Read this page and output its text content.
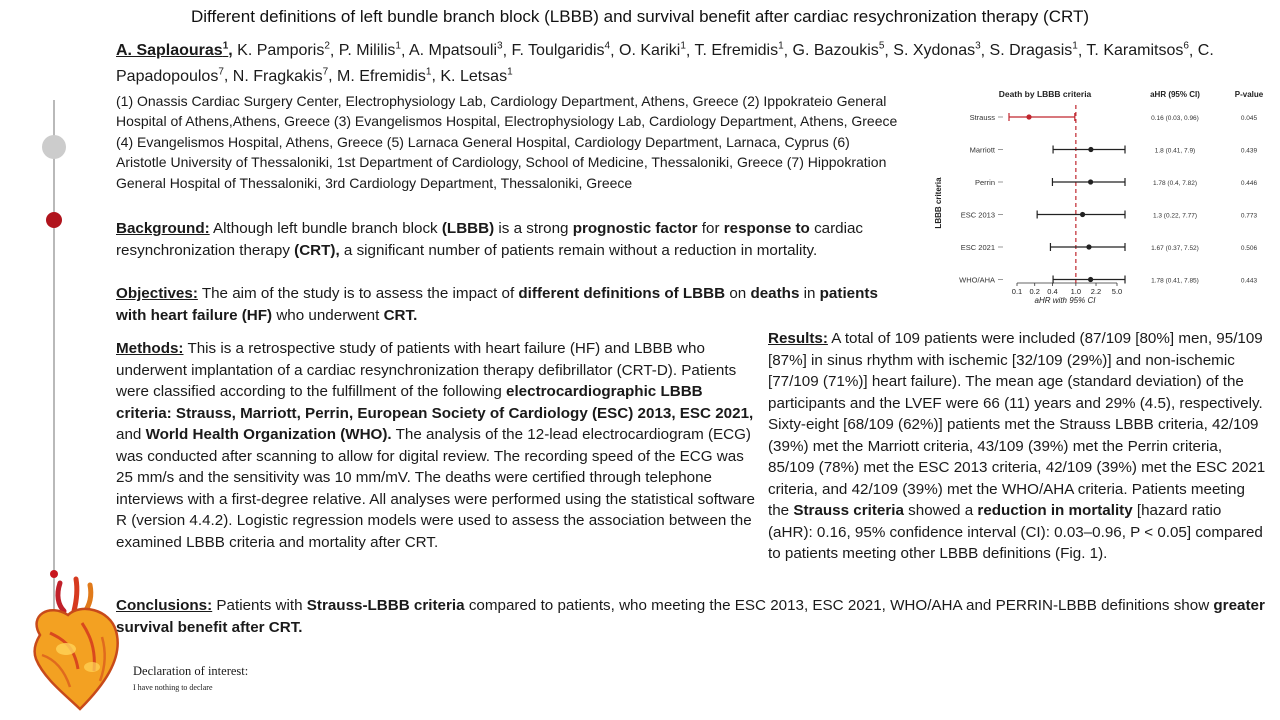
Different definitions of left bundle branch block (LBBB) and survival benefit after cardiac resychronization therapy (CRT)
A. Saplaouras$^1$, K. Pamporis$^2$, P. Mililis$^1$, A. Mpatsouli$^3$, F. Toulgaridis$^4$, O. Kariki$^1$, T. Efremidis$^1$, G. Bazoukis$^5$, S. Xydonas$^3$, S. Dragasis$^1$, T. Karamitsos$^6$, C. Papadopoulos$^7$, N. Fragkakis$^7$, M. Efremidis$^1$, K. Letsas$^1$
(1) Onassis Cardiac Surgery Center, Electrophysiology Lab, Cardiology Department, Athens, Greece (2) Ippokrateio General Hospital of Athens,Athens, Greece (3) Evangelismos Hospital, Electrophysiology Lab, Cardiology Department, Athens, Greece (4) Evangelismos Hospital, Athens, Greece (5) Larnaca General Hospital, Cardiology Department, Larnaca, Cyprus (6) Aristotle University of Thessaloniki, 1st Department of Cardiology, School of Medicine, Thessaloniki, Greece (7) Hippokration General Hospital of Thessaloniki, 3rd Cardiology Department, Thessaloniki, Greece
Background: Although left bundle branch block (LBBB) is a strong prognostic factor for response to cardiac resynchronization therapy (CRT), a significant number of patients remain without a reduction in mortality.
Objectives: The aim of the study is to assess the impact of different definitions of LBBB on deaths in patients with heart failure (HF) who underwent CRT.
Methods: This is a retrospective study of patients with heart failure (HF) and LBBB who underwent implantation of a cardiac resynchronization therapy defibrillator (CRT-D). Patients were classified according to the fulfillment of the following electrocardiographic LBBB criteria: Strauss, Marriott, Perrin, European Society of Cardiology (ESC) 2013, ESC 2021, and World Health Organization (WHO). The analysis of the 12-lead electrocardiogram (ECG) was conducted after scanning to allow for digital review. The recording speed of the ECG was 25 mm/s and the sensitivity was 10 mm/mV. The deaths were certified through telephone interviews with a first-degree relative. All analyses were performed using the statistical software R (version 4.4.2). Logistic regression models were used to assess the association between the examined LBBB criteria and mortality after CRT.
Results: A total of 109 patients were included (87/109 [80%] men, 95/109 [87%] in sinus rhythm with ischemic [32/109 (29%)] and non-ischemic [77/109 (71%)] heart failure). The mean age (standard deviation) of the participants and the LVEF were 66 (11) years and 29% (4.5), respectively. Sixty-eight [68/109 (62%)] patients met the Strauss LBBB criteria, 42/109 (39%) met the Marriott criteria, 43/109 (39%) met the Perrin criteria, 85/109 (78%) met the ESC 2013 criteria, 42/109 (39%) met the ESC 2021 criteria, and 42/109 (39%) met the WHO/AHA criteria. Patients meeting the Strauss criteria showed a reduction in mortality [hazard ratio (aHR): 0.16, 95% confidence interval (CI): 0.03–0.96, P < 0.05] compared to patients meeting other LBBB definitions (Fig. 1).
Conclusions: Patients with Strauss-LBBB criteria compared to patients, who meeting the ESC 2013, ESC 2021, WHO/AHA and PERRIN-LBBB definitions show greater survival benefit after CRT.
Declaration of interest:
I have nothing to declare
Death by LBBB criteria	aHR (95% CI)	P-value
LBBB criteria
aHR with 95% CI
0.1 0.2 0.4 1.0 2.2 5.0
Strauss	0.16 (0.03, 0.96)	0.045
Marriott	1.8 (0.41, 7.9)	0.439
Perrin	1.78 (0.4, 7.82)	0.446
ESC 2013	1.3 (0.22, 7.77)	0.773
ESC 2021	1.67 (0.37, 7.52)	0.506
WHO/AHA	1.78 (0.41, 7.85)	0.443
